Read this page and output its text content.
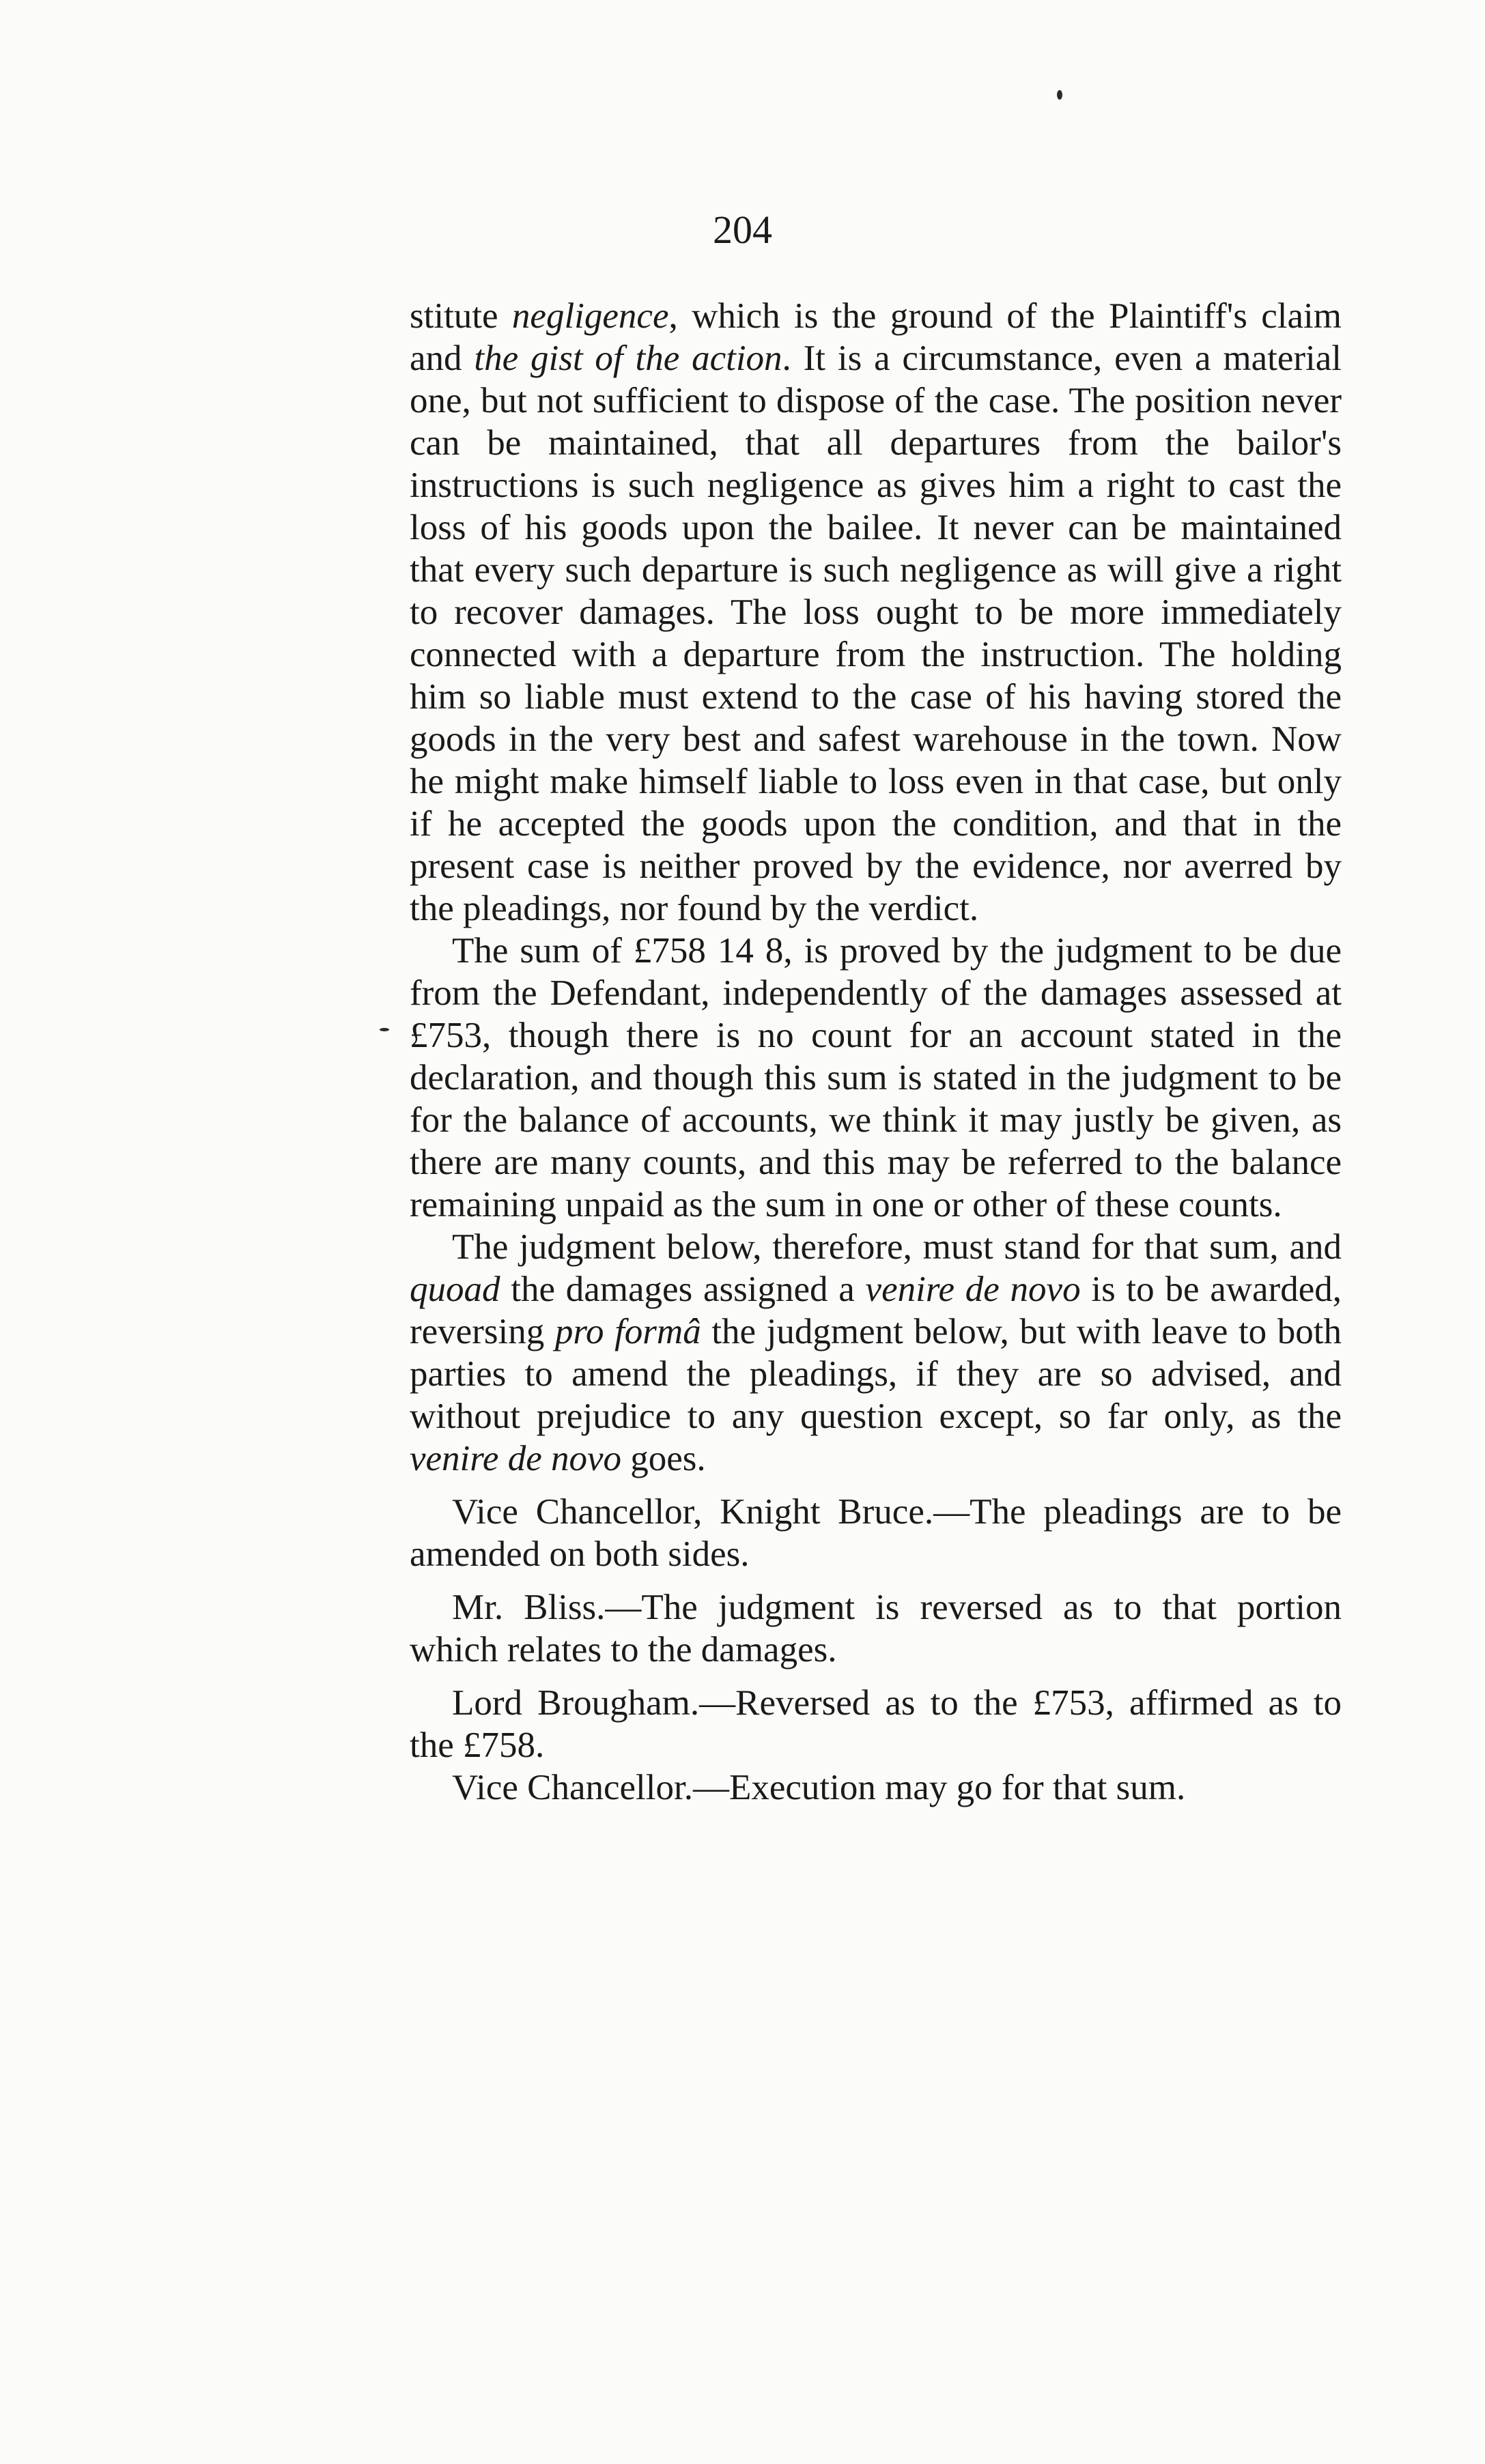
204

stitute negligence, which is the ground of the Plaintiff's claim and the gist of the action. It is a circumstance, even a material one, but not sufficient to dispose of the case. The position never can be maintained, that all departures from the bailor's instructions is such negligence as gives him a right to cast the loss of his goods upon the bailee. It never can be maintained that every such departure is such negligence as will give a right to recover damages. The loss ought to be more immediately connected with a departure from the instruction. The holding him so liable must extend to the case of his having stored the goods in the very best and safest warehouse in the town. Now he might make himself liable to loss even in that case, but only if he accepted the goods upon the condition, and that in the present case is neither proved by the evidence, nor averred by the pleadings, nor found by the verdict.

The sum of £758 14 8, is proved by the judgment to be due from the Defendant, independently of the damages assessed at £753, though there is no count for an account stated in the declaration, and though this sum is stated in the judgment to be for the balance of accounts, we think it may justly be given, as there are many counts, and this may be referred to the balance remaining unpaid as the sum in one or other of these counts.

The judgment below, therefore, must stand for that sum, and quoad the damages assigned a venire de novo is to be awarded, reversing pro formâ the judgment below, but with leave to both parties to amend the pleadings, if they are so advised, and without prejudice to any question except, so far only, as the venire de novo goes.

Vice Chancellor, Knight Bruce.—The pleadings are to be amended on both sides.

Mr. Bliss.—The judgment is reversed as to that portion which relates to the damages.

Lord Brougham.—Reversed as to the £753, affirmed as to the £758.

Vice Chancellor.—Execution may go for that sum.
